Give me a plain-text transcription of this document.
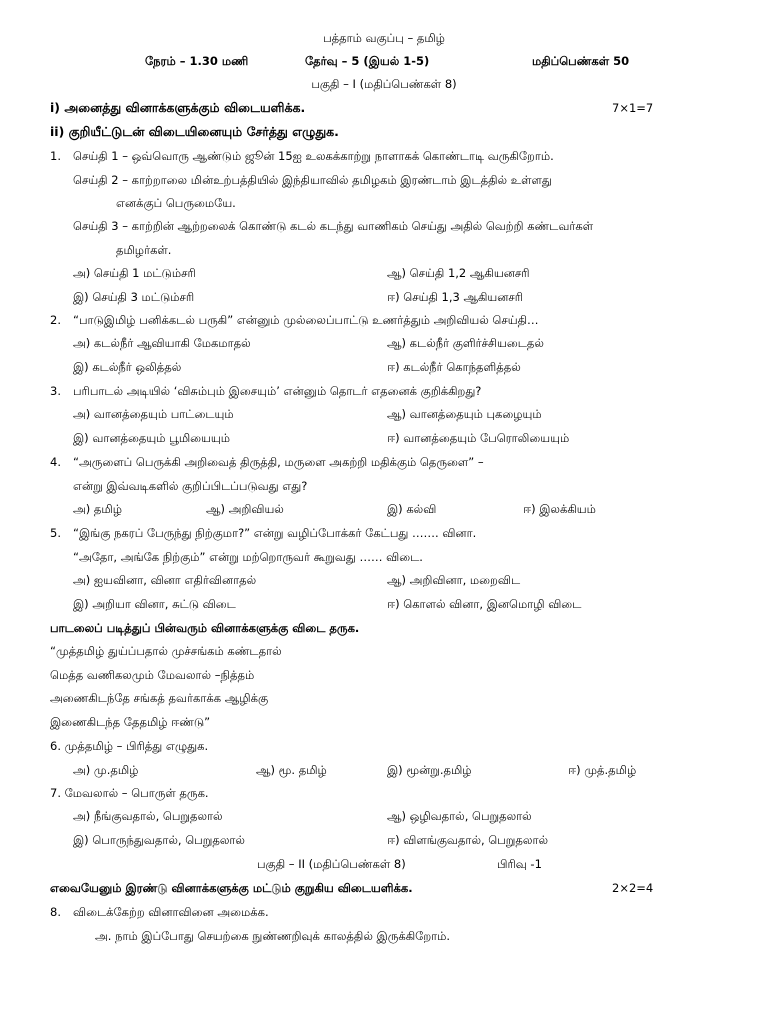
பத்தாம் வகுப்பு – தமிழ்
நேரம் – 1.30 மணி	தேர்வு – 5 (இயல் 1-5)	மதிப்பெண்கள் 50
பகுதி – I (மதிப்பெண்கள் 8)
i) அனைத்து வினாக்களுக்கும் விடையளிக்க.	7×1=7
ii) குறியீட்டுடன் விடையினையும் சேர்த்து எழுதுக.
1. செய்தி 1 – ஒவ்வொரு ஆண்டும் ஜூன் 15ஐ உலகக்காற்று நாளாகக் கொண்டாடி வருகிறோம்.
செய்தி 2 – காற்றாலை மின்உற்பத்தியில் இந்தியாவில் தமிழகம் இரண்டாம் இடத்தில் உள்ளது
எனக்குப் பெருமையே.
செய்தி 3 – காற்றின் ஆற்றலைக் கொண்டு கடல் கடந்து வாணிகம் செய்து அதில் வெற்றி கண்டவர்கள்
தமிழர்கள்.
அ) செய்தி 1 மட்டும்சரி	ஆ) செய்தி 1,2 ஆகியனசரி
இ) செய்தி 3 மட்டும்சரி	ஈ) செய்தி 1,3 ஆகியனசரி
2. “பாடுஇமிழ் பனிக்கடல் பருகி” என்னும் முல்லைப்பாட்டு உணர்த்தும் அறிவியல் செய்தி…
அ) கடல்நீர் ஆவியாகி மேகமாதல்	ஆ) கடல்நீர் குளிர்ச்சியடைதல்
இ) கடல்நீர் ஒலித்தல்	ஈ) கடல்நீர் கொந்தளித்தல்
3. பரிபாடல் அடியில் ‘விசும்பும் இசையும்’ என்னும் தொடர் எதனைக் குறிக்கிறது?
அ) வானத்தையும் பாட்டையும்	ஆ) வானத்தையும் புகழையும்
இ) வானத்தையும் பூமியையும்	ஈ) வானத்தையும் பேரொலியையும்
4. “அருளைப் பெருக்கி அறிவைத் திருத்தி, மருளை அகற்றி மதிக்கும் தெருளை” –
என்று இவ்வடிகளில் குறிப்பிடப்படுவது எது?
அ) தமிழ்	ஆ) அறிவியல்	இ) கல்வி	ஈ) இலக்கியம்
5. “இங்கு நகரப் பேருந்து நிற்குமா?” என்று வழிப்போக்கர் கேட்பது ……. வினா.
“அதோ, அங்கே நிற்கும்” என்று மற்றொருவர் கூறுவது …… விடை.
அ) ஐயவினா, வினா எதிர்வினாதல்	ஆ) அறிவினா, மறைவிட
இ) அறியா வினா, சுட்டு விடை	ஈ) கொளல் வினா, இனமொழி விடை
பாடலைப் படித்துப் பின்வரும் வினாக்களுக்கு விடை தருக.
“முத்தமிழ் துய்ப்பதால் முச்சங்கம் கண்டதால்
மெத்த வணிகலமும் மேவலால் –நித்தம்
அணைகிடந்தே சங்கத் தவர்காக்க ஆழிக்கு
இணைகிடந்த தேதமிழ் ஈண்டு”
6. முத்தமிழ் – பிரித்து எழுதுக.
அ) மு.தமிழ்	ஆ) மூ. தமிழ்	இ) மூன்று.தமிழ்	ஈ) முத்.தமிழ்
7. மேவலால் – பொருள் தருக.
அ) நீங்குவதால், பெறுதலால்	ஆ) ஒழிவதால், பெறுதலால்
இ) பொருந்துவதால், பெறுதலால்	ஈ) விளங்குவதால், பெறுதலால்
பகுதி – II (மதிப்பெண்கள் 8)	பிரிவு -1
எவையேனும் இரண்டு வினாக்களுக்கு மட்டும் குறுகிய விடையளிக்க.	2×2=4
8. விடைக்கேற்ற வினாவினை அமைக்க.
அ. நாம் இப்போது செயற்கை நுண்ணறிவுக் காலத்தில் இருக்கிறோம்.
